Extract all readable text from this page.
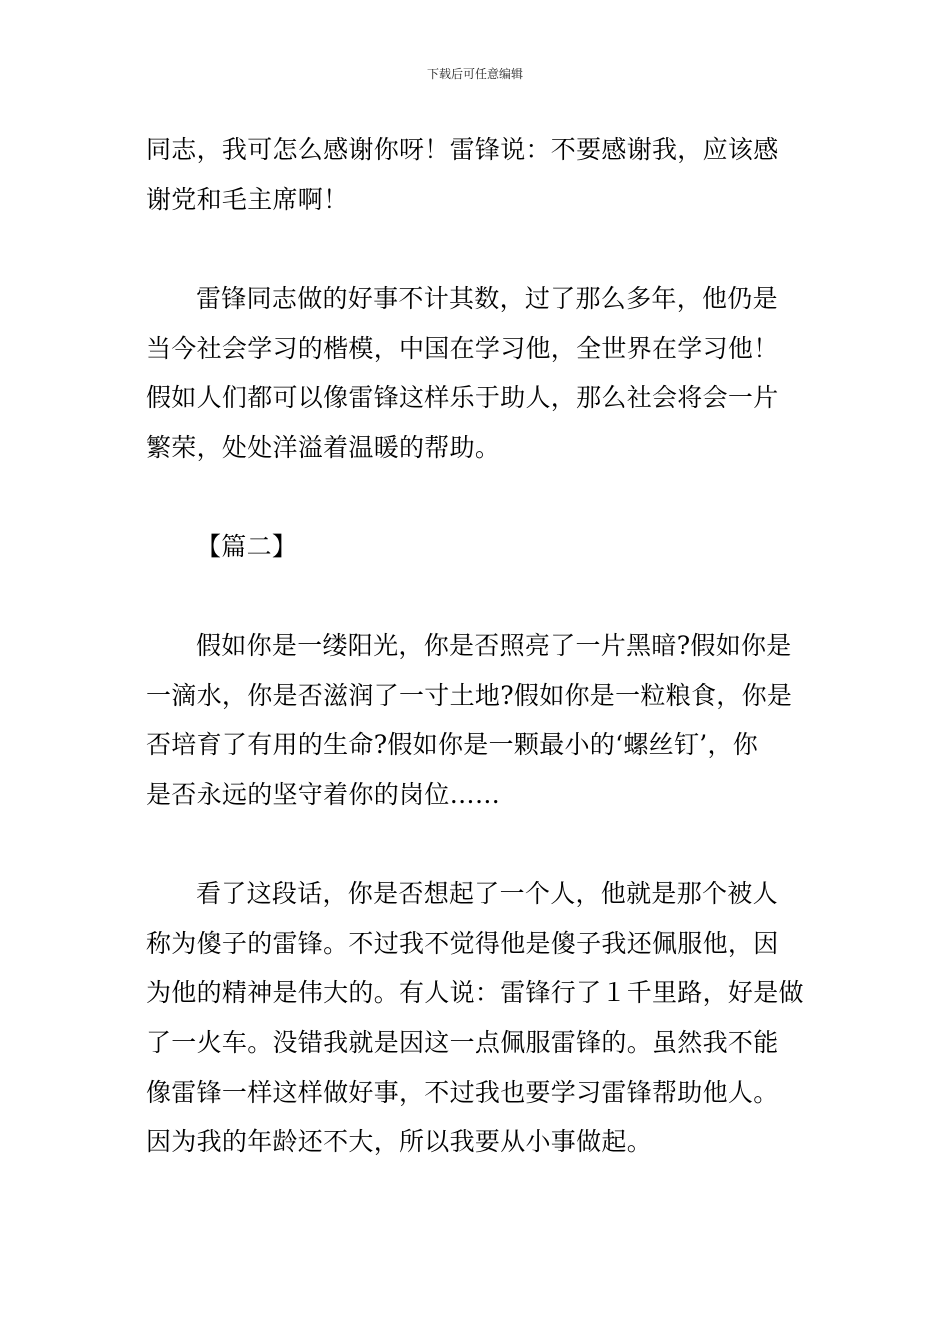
下载后可任意编辑
同志，我可怎么感谢你呀！雷锋说：不要感谢我，应该感
谢党和毛主席啊！
雷锋同志做的好事不计其数，过了那么多年，他仍是
当今社会学习的楷模，中国在学习他，全世界在学习他！
假如人们都可以像雷锋这样乐于助人，那么社会将会一片
繁荣，处处洋溢着温暖的帮助。
【篇二】
假如你是一缕阳光，你是否照亮了一片黑暗?假如你是
一滴水，你是否滋润了一寸土地?假如你是一粒粮食，你是
否培育了有用的生命?假如你是一颗最小的‘螺丝钉’，你
是否永远的坚守着你的岗位……
看了这段话，你是否想起了一个人，他就是那个被人
称为傻子的雷锋。不过我不觉得他是傻子我还佩服他，因
为他的精神是伟大的。有人说：雷锋行了１千里路，好是做
了一火车。没错我就是因这一点佩服雷锋的。虽然我不能
像雷锋一样这样做好事，不过我也要学习雷锋帮助他人。
因为我的年龄还不大，所以我要从小事做起。
